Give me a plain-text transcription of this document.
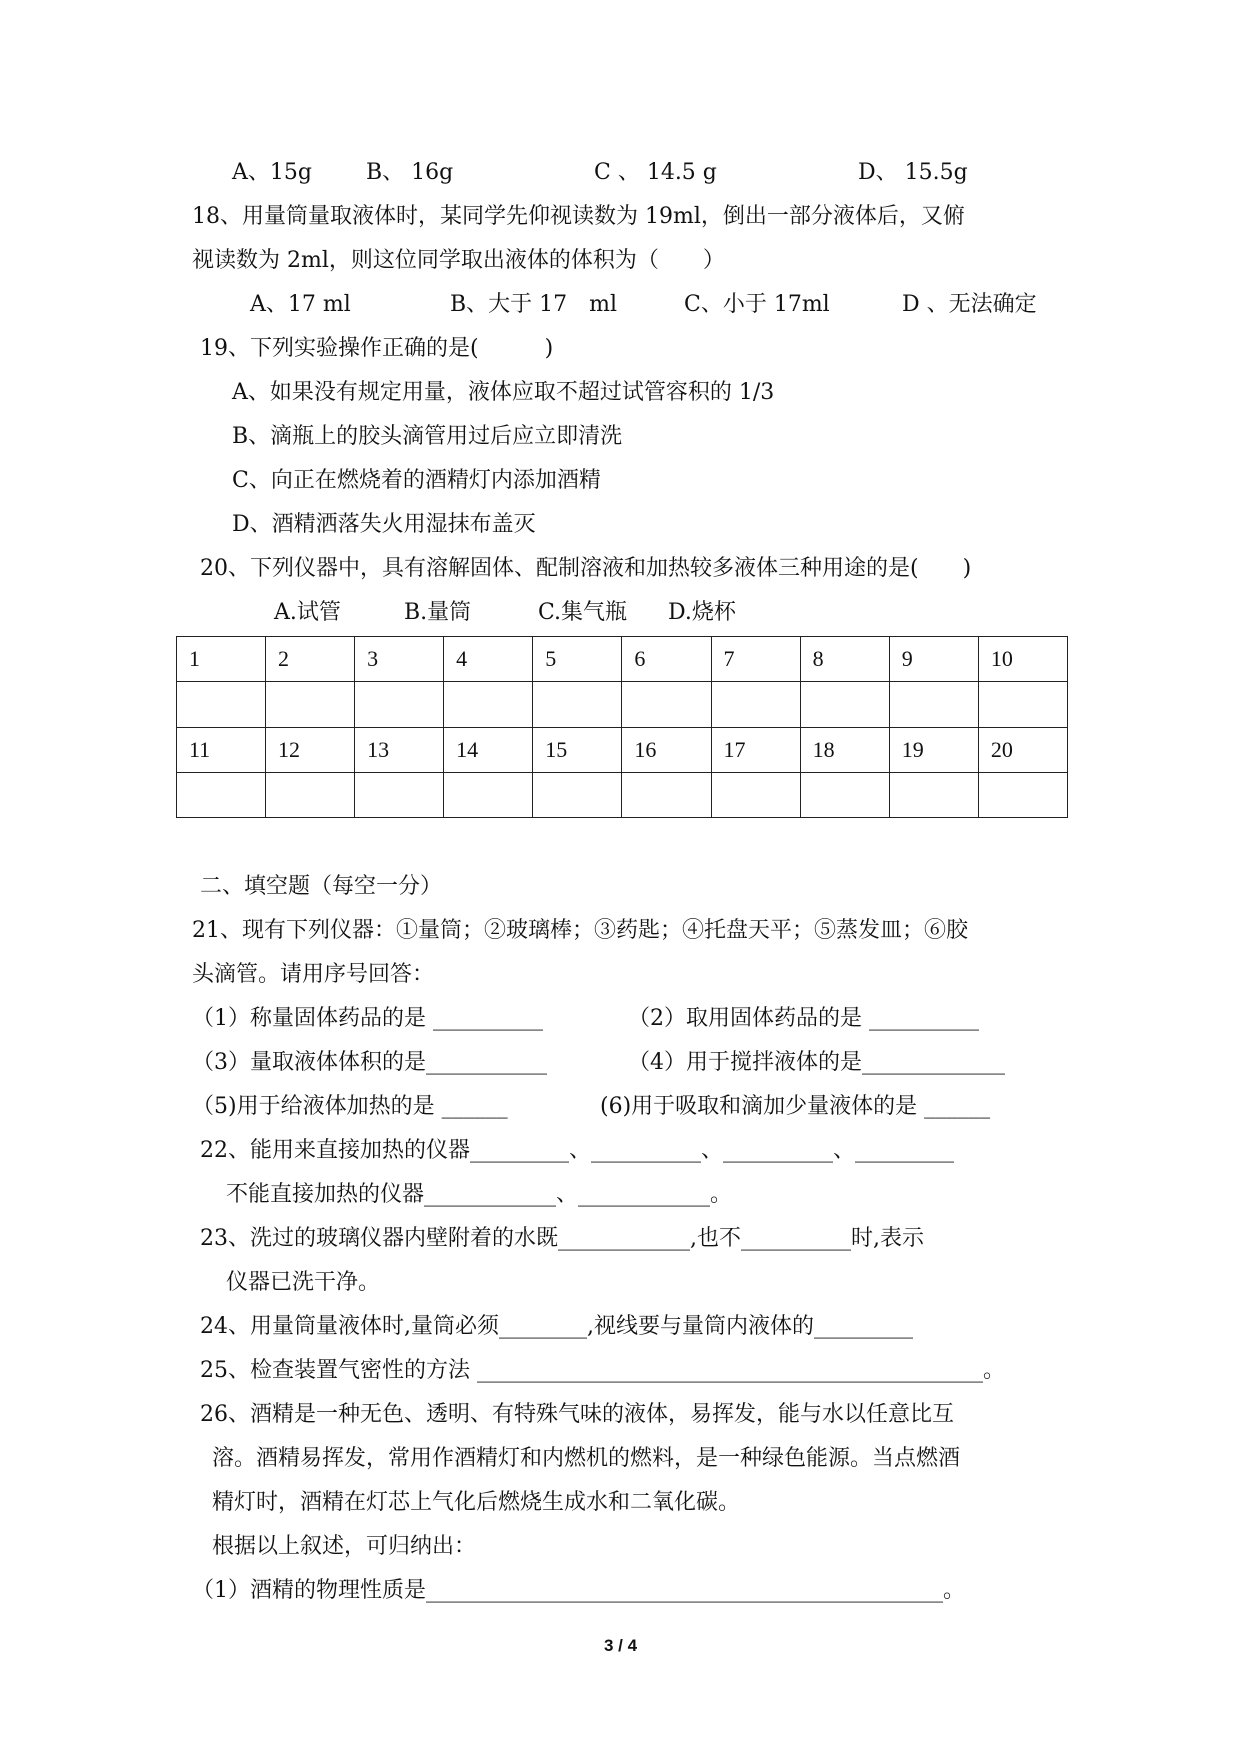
A、15g B、 16g	C 、 14.5 g	D、 15.5g
18、用量筒量取液体时，某同学先仰视读数为 19ml，倒出一部分液体后，又俯
视读数为 2ml，则这位同学取出液体的体积为（　　）
A、17 ml	B、大于 17　ml	C、小于 17ml	D 、无法确定
19、下列实验操作正确的是(　　　)
A、如果没有规定用量，液体应取不超过试管容积的 1/3
B、滴瓶上的胶头滴管用过后应立即清洗
C、向正在燃烧着的酒精灯内添加酒精
D、酒精洒落失火用湿抹布盖灭
20、下列仪器中，具有溶解固体、配制溶液和加热较多液体三种用途的是(　　)
A.试管	B.量筒	C.集气瓶 D.烧杯
1	2	3	4	5	6	7	8	9	10

11	12	13	14	15	16	17	18	19	20

二、填空题（每空一分）
21、现有下列仪器：①量筒；②玻璃棒；③药匙；④托盘天平；⑤蒸发皿；⑥胶
头滴管。请用序号回答：
（1）称量固体药品的是 __________	（2）取用固体药品的是 __________
（3）量取液体体积的是___________	（4）用于搅拌液体的是_____________
（5)用于给液体加热的是 ______	(6)用于吸取和滴加少量液体的是 ______
22、能用来直接加热的仪器_________、__________、__________、_________
不能直接加热的仪器____________、____________。
23、洗过的玻璃仪器内壁附着的水既____________,也不__________时,表示
仪器已洗干净。
24、用量筒量液体时,量筒必须________,视线要与量筒内液体的_________
25、检查装置气密性的方法 ______________________________________________。
26、酒精是一种无色、透明、有特殊气味的液体，易挥发，能与水以任意比互
溶。酒精易挥发，常用作酒精灯和内燃机的燃料，是一种绿色能源。当点燃酒
精灯时，酒精在灯芯上气化后燃烧生成水和二氧化碳。
根据以上叙述，可归纳出：
（1）酒精的物理性质是_______________________________________________。
3 / 4
